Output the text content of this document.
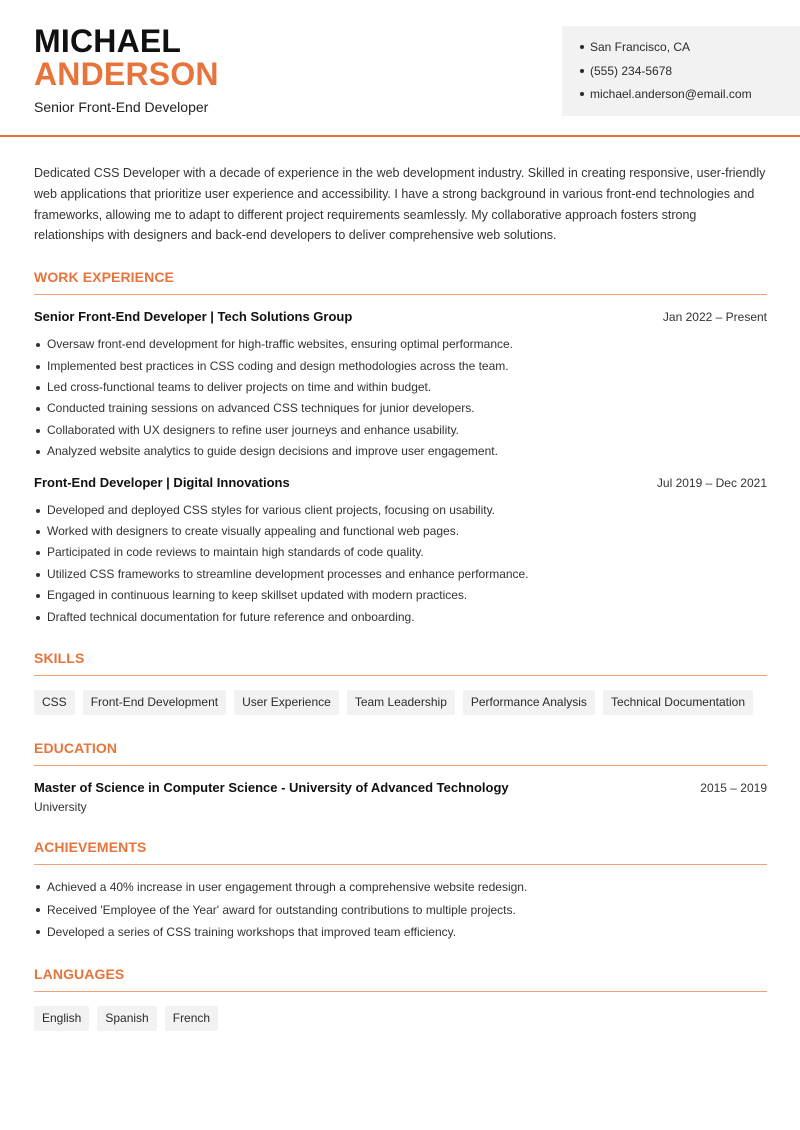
MICHAEL
ANDERSON
Senior Front-End Developer
San Francisco, CA
(555) 234-5678
michael.anderson@email.com

Dedicated CSS Developer with a decade of experience in the web development industry. Skilled in creating responsive, user-friendly web applications that prioritize user experience and accessibility. I have a strong background in various front-end technologies and frameworks, allowing me to adapt to different project requirements seamlessly. My collaborative approach fosters strong relationships with designers and back-end developers to deliver comprehensive web solutions.

WORK EXPERIENCE
Senior Front-End Developer | Tech Solutions Group	Jan 2022 – Present
Oversaw front-end development for high-traffic websites, ensuring optimal performance.
Implemented best practices in CSS coding and design methodologies across the team.
Led cross-functional teams to deliver projects on time and within budget.
Conducted training sessions on advanced CSS techniques for junior developers.
Collaborated with UX designers to refine user journeys and enhance usability.
Analyzed website analytics to guide design decisions and improve user engagement.
Front-End Developer | Digital Innovations	Jul 2019 – Dec 2021
Developed and deployed CSS styles for various client projects, focusing on usability.
Worked with designers to create visually appealing and functional web pages.
Participated in code reviews to maintain high standards of code quality.
Utilized CSS frameworks to streamline development processes and enhance performance.
Engaged in continuous learning to keep skillset updated with modern practices.
Drafted technical documentation for future reference and onboarding.
SKILLS
CSS	Front-End Development	User Experience	Team Leadership	Performance Analysis	Technical Documentation
EDUCATION
Master of Science in Computer Science - University of Advanced Technology	2015 – 2019
University
ACHIEVEMENTS
Achieved a 40% increase in user engagement through a comprehensive website redesign.
Received 'Employee of the Year' award for outstanding contributions to multiple projects.
Developed a series of CSS training workshops that improved team efficiency.
LANGUAGES
English	Spanish	French
